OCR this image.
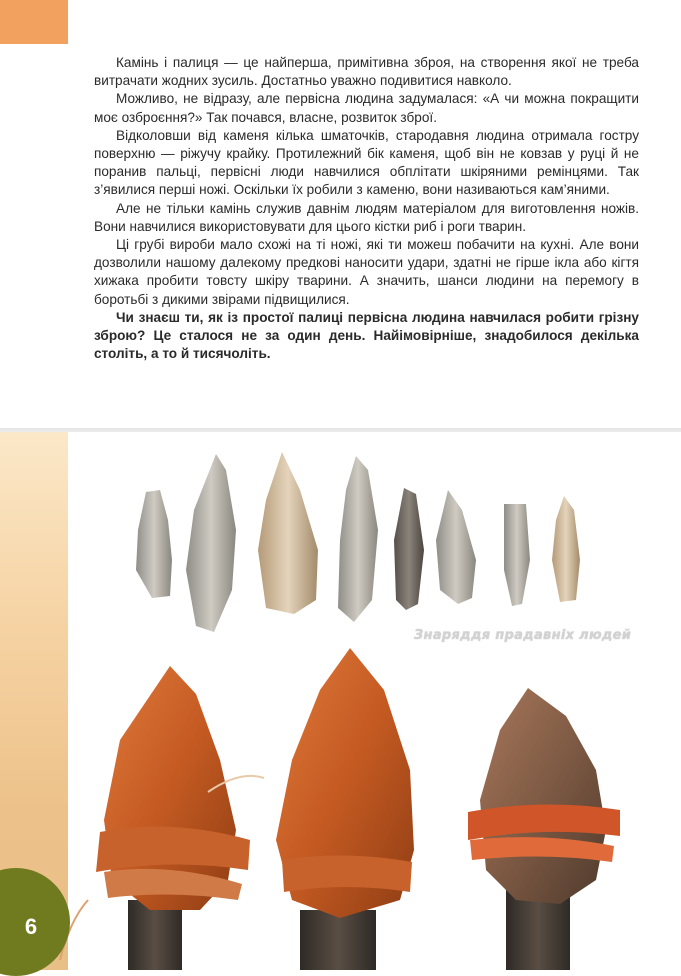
Камінь і палиця — це найперша, примітивна зброя, на створення якої не треба витрачати жодних зусиль. Достатньо уважно подивитися навколо.

Можливо, не відразу, але первісна людина задумалася: «А чи можна покращити моє озброєння?» Так почався, власне, розвиток зброї.

Відколовши від каменя кілька шматочків, стародавня людина отримала гостру поверхню — ріжучу крайку. Протилежний бік каменя, щоб він не ковзав у руці й не поранив пальці, первісні люди навчилися обплітати шкіряними ремінцями. Так з’явилися перші ножі. Оскільки їх робили з каменю, вони називаються кам’яними.

Але не тільки камінь служив давнім людям матеріалом для виготовлення ножів. Вони навчилися використовувати для цього кістки риб і роги тварин.

Ці грубі вироби мало схожі на ті ножі, які ти можеш побачити на кухні. Але вони дозволили нашому далекому предкові наносити удари, здатні не гірше ікла або кігтя хижака пробити товсту шкіру тварини. А значить, шанси людини на перемогу в боротьбі з дикими звірами підвищилися.

Чи знаєш ти, як із простої палиці первісна людина навчилася робити грізну зброю? Це сталося не за один день. Найімовірніше, знадобилося декілька століть, а то й тисячоліть.

Знаряддя прадавніх людей
6
